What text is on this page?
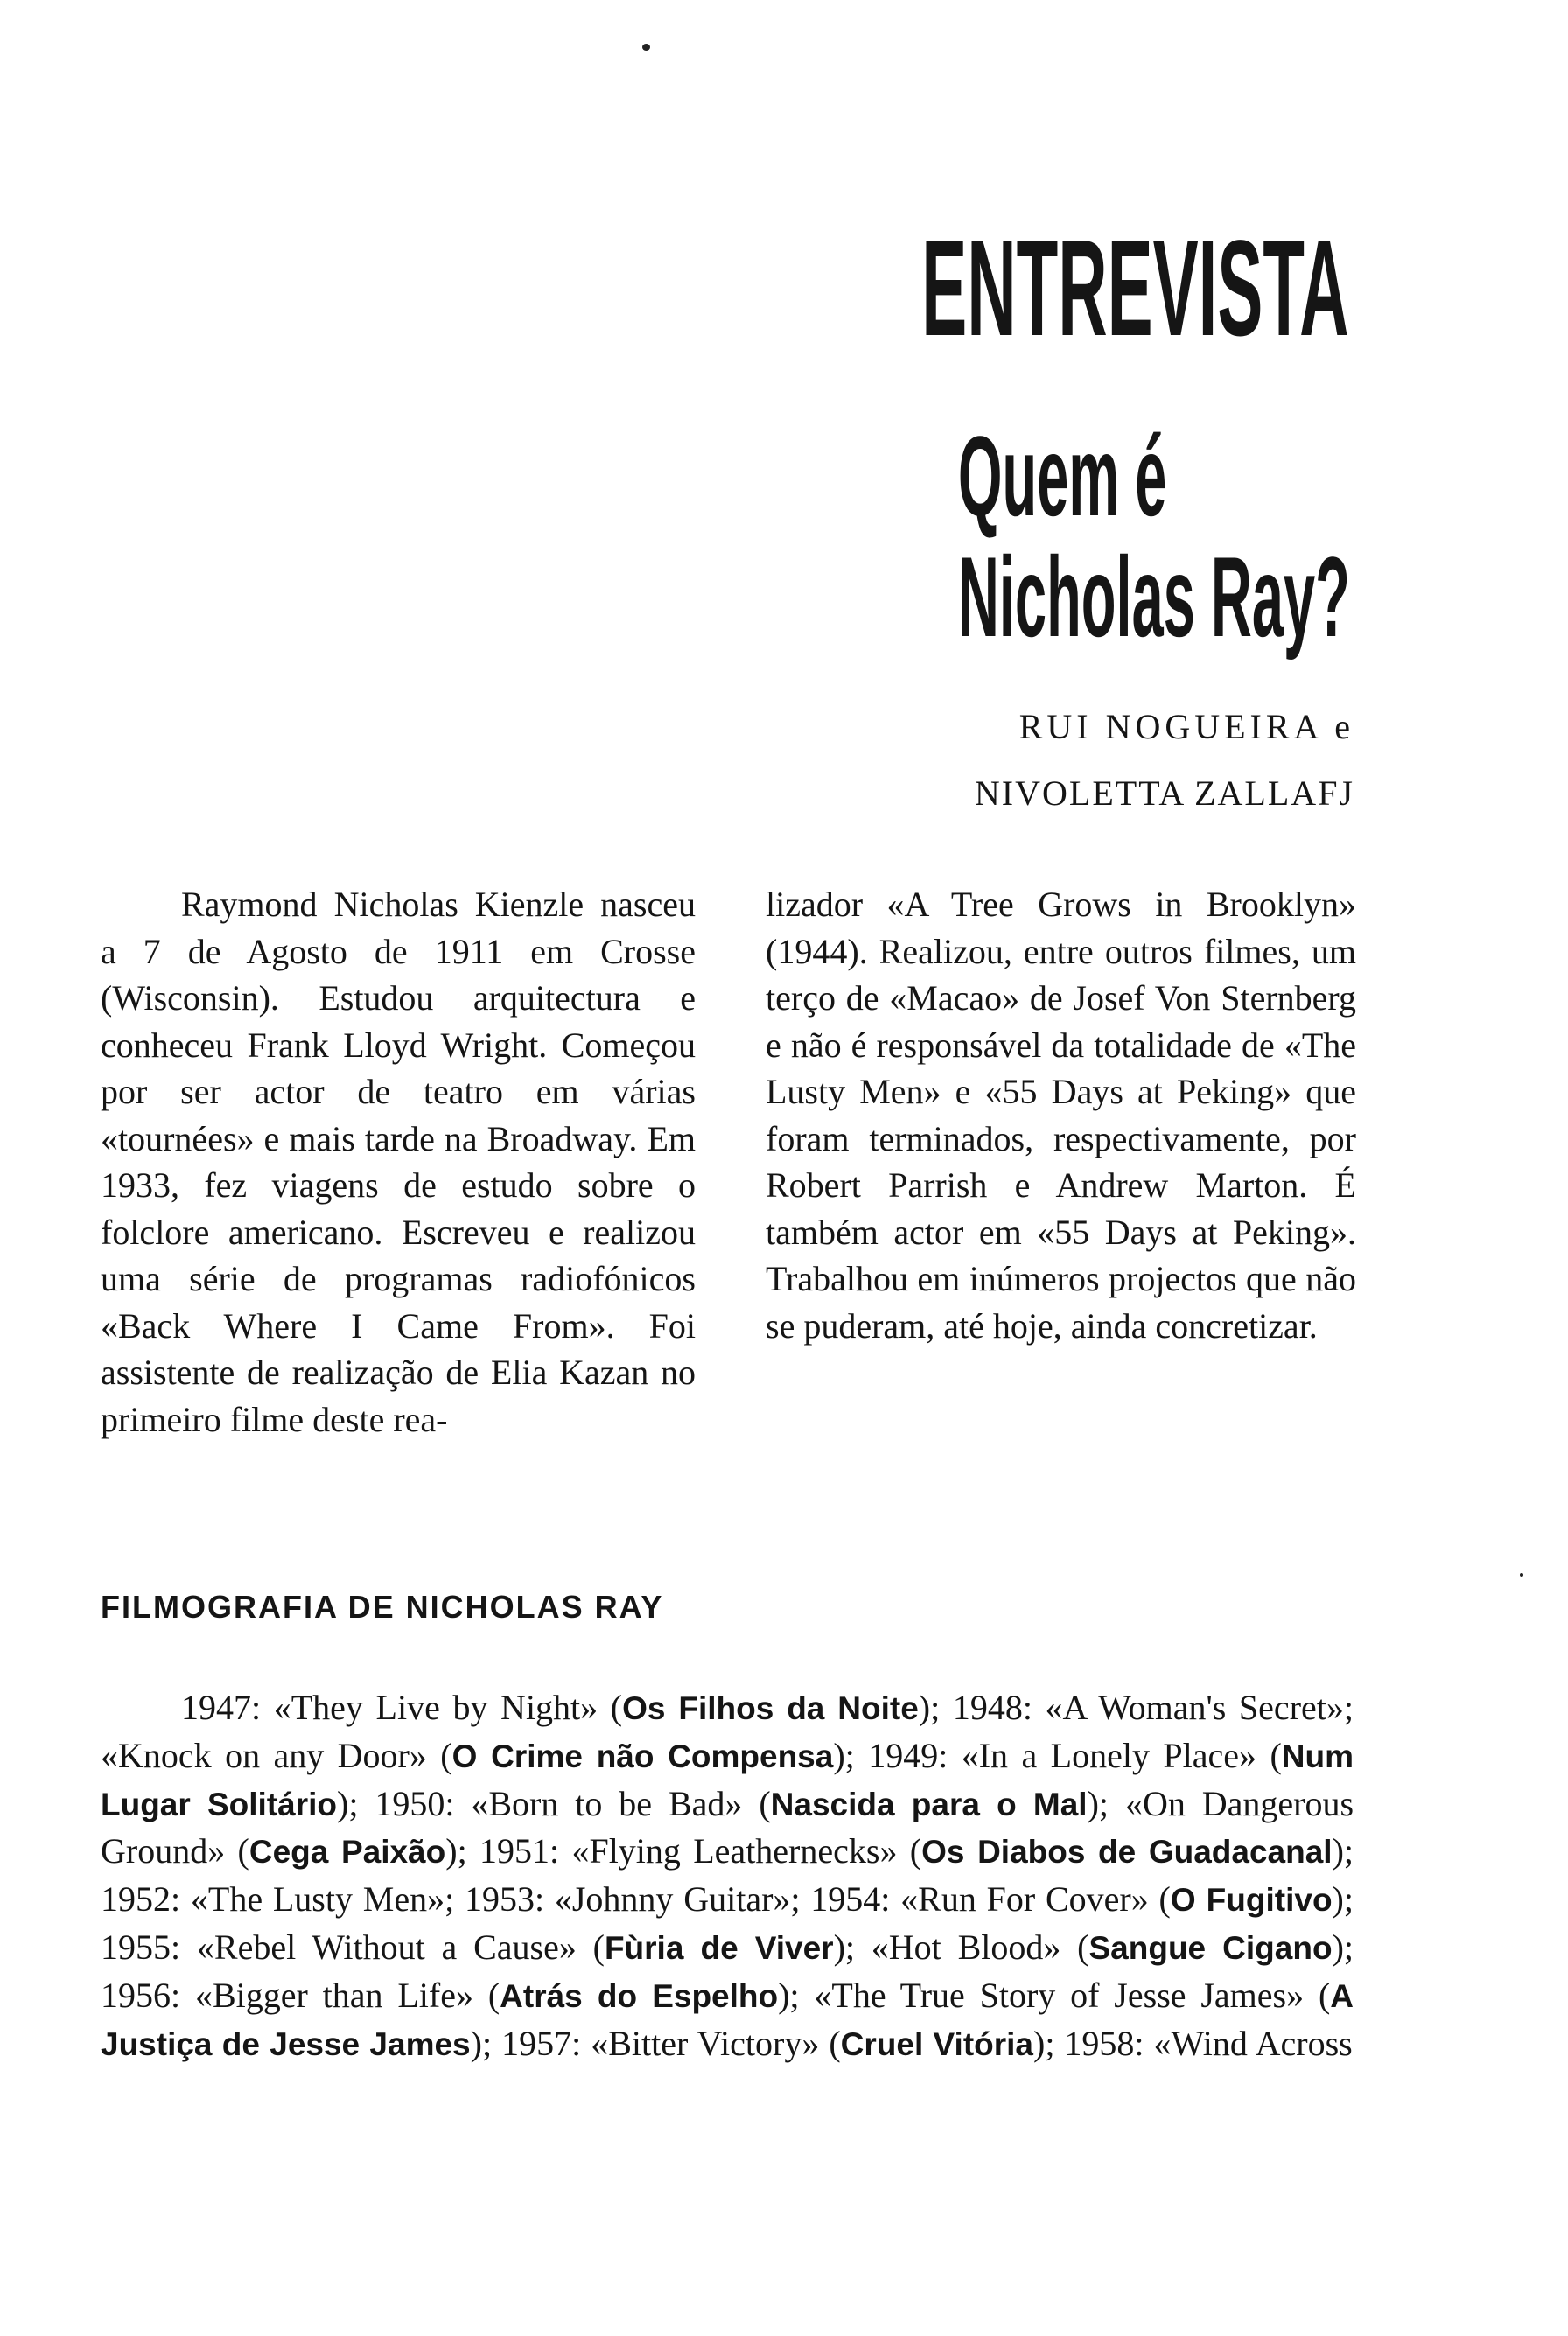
ENTREVISTA
Quem é
Nicholas Ray?
RUI NOGUEIRA e
NIVOLETTA ZALLAFJ

Raymond Nicholas Kienzle nasceu a 7 de Agosto de 1911 em Crosse (Wisconsin). Estudou arquitectura e conheceu Frank Lloyd Wright. Começou por ser actor de teatro em várias «tournées» e mais tarde na Broadway. Em 1933, fez viagens de estudo sobre o folclore americano. Escreveu e realizou uma série de programas radiofónicos «Back Where I Came From». Foi assistente de realização de Elia Kazan no primeiro filme deste rea-

lizador «A Tree Grows in Brooklyn» (1944). Realizou, entre outros filmes, um terço de «Macao» de Josef Von Sternberg e não é responsável da totalidade de «The Lusty Men» e «55 Days at Peking» que foram terminados, respectivamente, por Robert Parrish e Andrew Marton. É também actor em «55 Days at Peking». Trabalhou em inúmeros projectos que não se puderam, até hoje, ainda concretizar.

FILMOGRAFIA DE NICHOLAS RAY

1947: «They Live by Night» (Os Filhos da Noite); 1948: «A Woman's Secret»; «Knock on any Door» (O Crime não Compensa); 1949: «In a Lonely Place» (Num Lugar Solitário); 1950: «Born to be Bad» (Nascida para o Mal); «On Dangerous Ground» (Cega Paixão); 1951: «Flying Leathernecks» (Os Diabos de Guadacanal); 1952: «The Lusty Men»; 1953: «Johnny Guitar»; 1954: «Run For Cover» (O Fugitivo); 1955: «Rebel Without a Cause» (Fùria de Viver); «Hot Blood» (Sangue Cigano); 1956: «Bigger than Life» (Atrás do Espelho); «The True Story of Jesse James» (A Justiça de Jesse James); 1957: «Bitter Victory» (Cruel Vitória); 1958: «Wind Across
